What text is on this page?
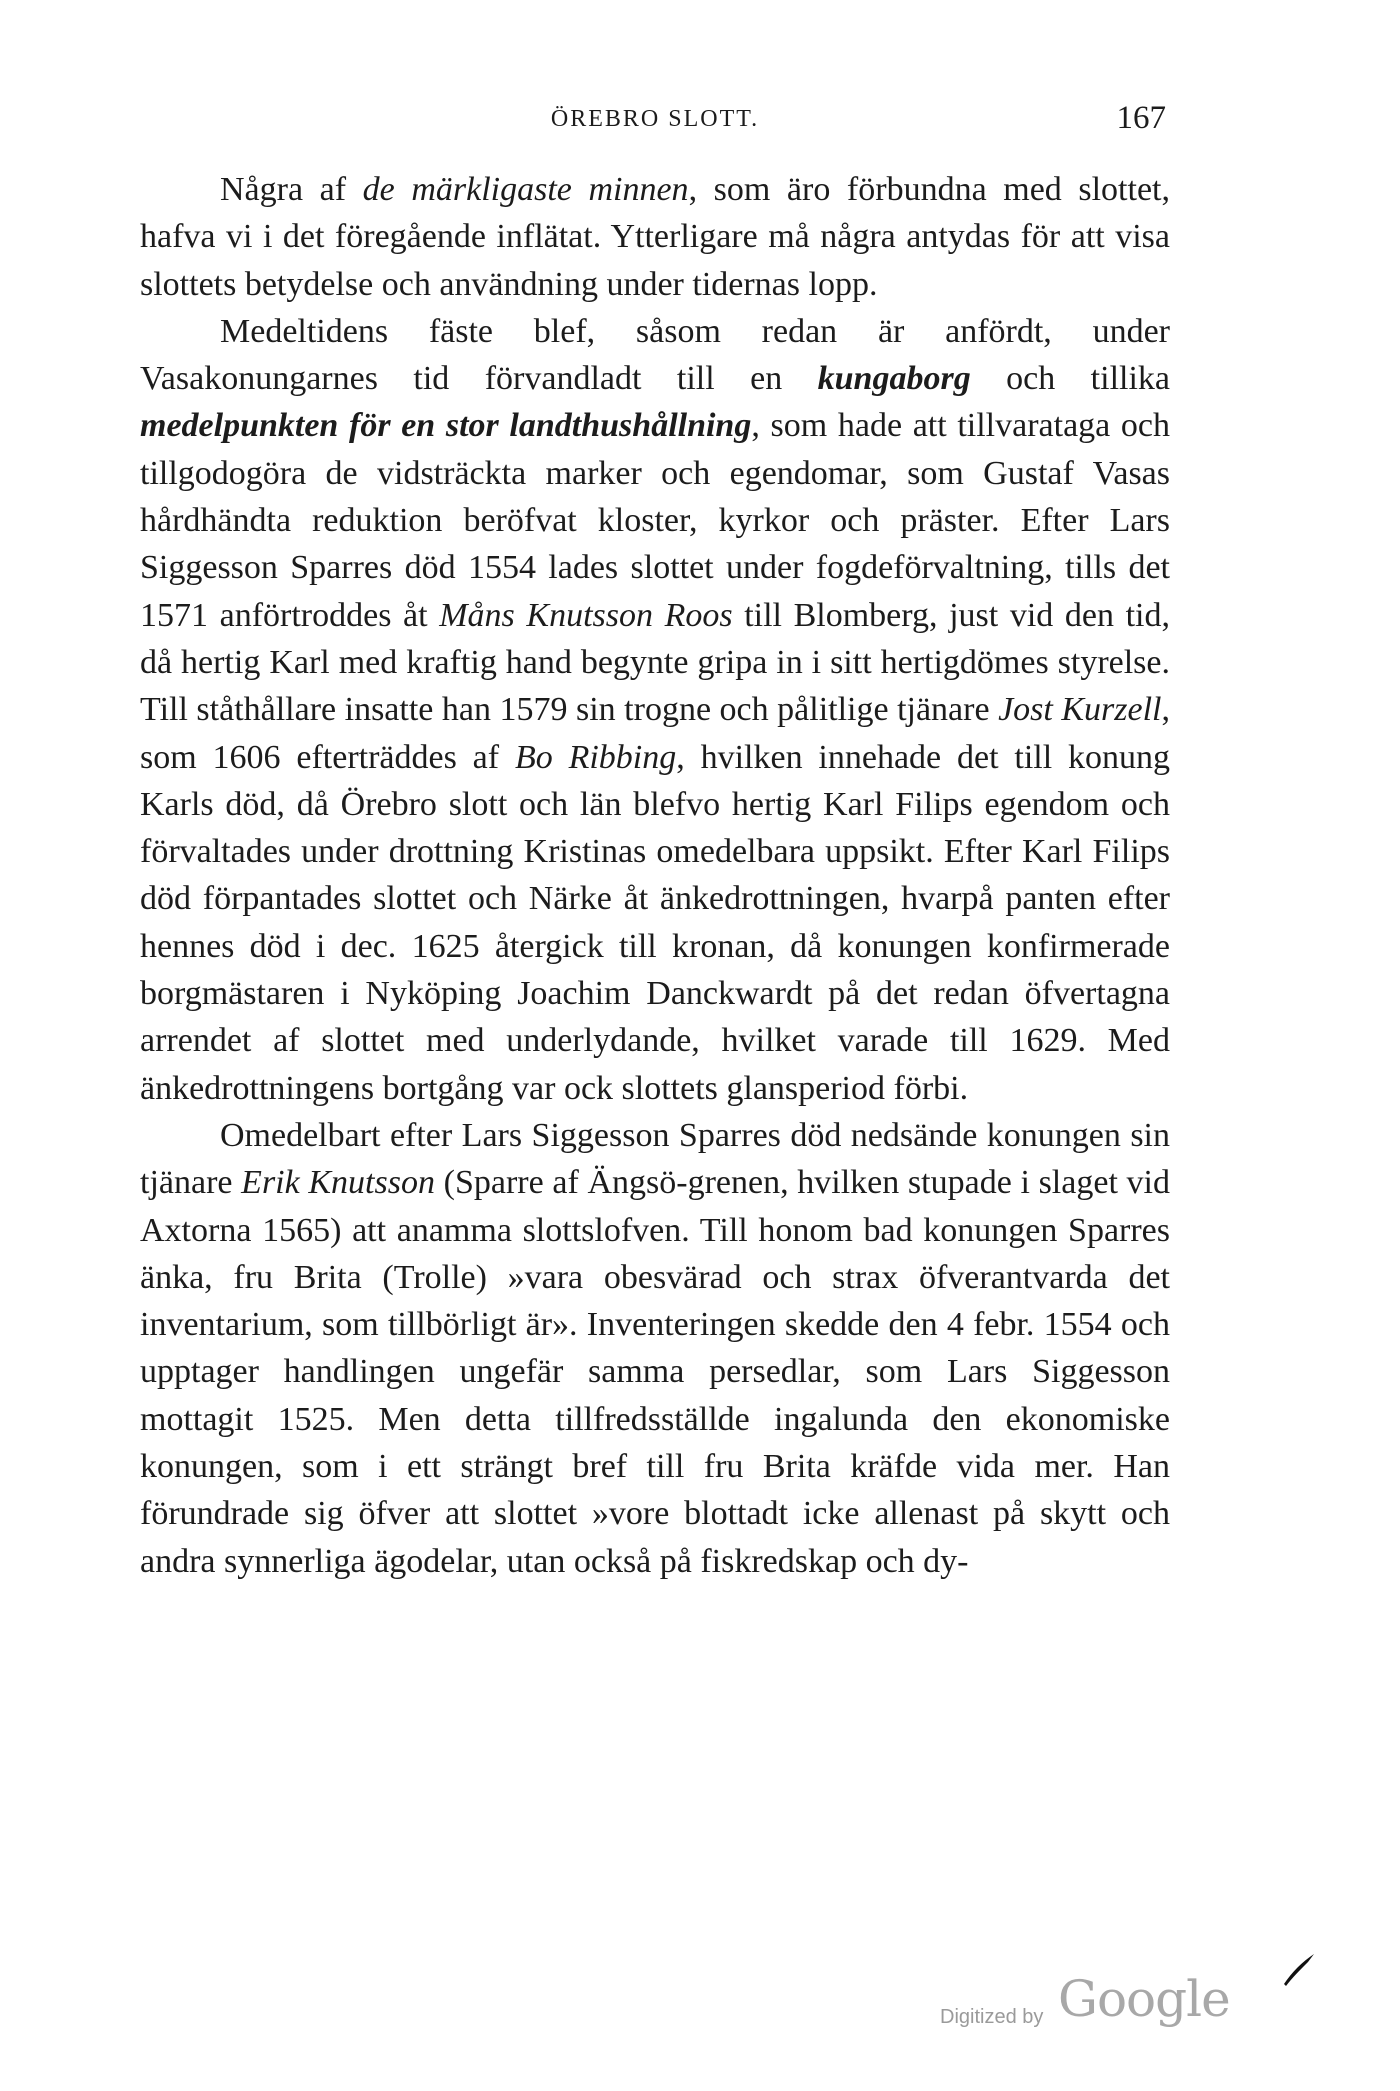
ÖREBRO SLOTT.	167

Några af de märkligaste minnen, som äro förbundna med slottet, hafva vi i det föregående inflätat. Ytterligare må några antydas för att visa slottets betydelse och användning under tidernas lopp.

Medeltidens fäste blef, såsom redan är anfördt, under Vasakonungarnes tid förvandladt till en kungaborg och tillika medelpunkten för en stor landthushållning, som hade att tillvaratagа och tillgodogöra de vidsträckta marker och egendomar, som Gustaf Vasas hårdhändta reduktion beröfvat kloster, kyrkor och präster. Efter Lars Siggesson Sparres död 1554 lades slottet under fogdeförvaltning, tills det 1571 anförtroddes åt Måns Knutsson Roos till Blomberg, just vid den tid, då hertig Karl med kraftig hand begynte gripa in i sitt hertigdömes styrelse. Till ståthållare insatte han 1579 sin trogne och pålitlige tjänare Jost Kurzell, som 1606 efterträddes af Bo Ribbing, hvilken innehade det till konung Karls död, då Örebro slott och län blefvo hertig Karl Filips egendom och förvaltades under drottning Kristinas omedelbara uppsikt. Efter Karl Filips död förpantades slottet och Närke åt änkedrottningen, hvarpå panten efter hennes död i dec. 1625 återgick till kronan, då konungen konfirmerade borgmästaren i Nyköping Joachim Danckwardt på det redan öfvertagna arrendet af slottet med underlydande, hvilket varade till 1629. Med änkedrottningens bortgång var ock slottets glansperiod förbi.

Omedelbart efter Lars Siggesson Sparres död nedsände konungen sin tjänare Erik Knutsson (Sparre af Ängsö-grenen, hvilken stupade i slaget vid Axtorna 1565) att anamma slottslofven. Till honom bad konungen Sparres änka, fru Brita (Trolle) »vara obesvärad och strax öfverantvarda det inventarium, som tillbörligt är». Inventeringen skedde den 4 febr. 1554 och upptager handlingen ungefär samma persedlar, som Lars Siggesson mottagit 1525. Men detta tillfredsställde ingalunda den ekonomiske konungen, som i ett strängt bref till fru Brita kräfde vida mer. Han förundrade sig öfver att slottet »vore blottadt icke allenast på skytt och andra synnerliga ägodelar, utan också på fiskredskap och dy-

Digitized by Google
